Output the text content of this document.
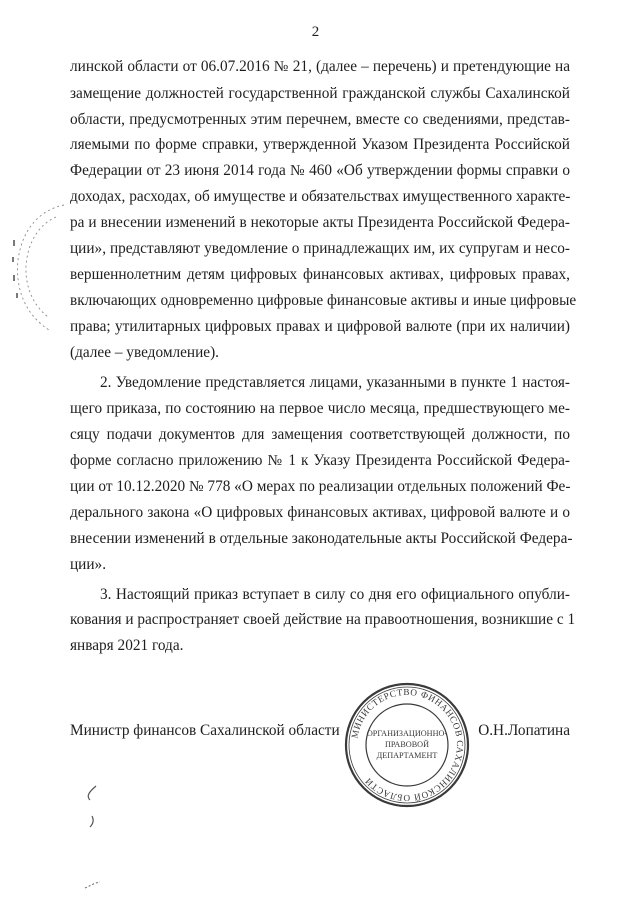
2
линской области от 06.07.2016 № 21, (далее – перечень) и претендующие на
замещение должностей государственной гражданской службы Сахалинской
области, предусмотренных этим перечнем, вместе со сведениями, представ-
ляемыми по форме справки, утвержденной Указом Президента Российской
Федерации от 23 июня 2014 года № 460 «Об утверждении формы справки о
доходах, расходах, об имуществе и обязательствах имущественного характе-
ра и внесении изменений в некоторые акты Президента Российской Федера-
ции», представляют уведомление о принадлежащих им, их супругам и несо-
вершеннолетним детям цифровых финансовых активах, цифровых правах,
включающих одновременно цифровые финансовые активы и иные цифровые
права; утилитарных цифровых правах и цифровой валюте (при их наличии)
(далее – уведомление).
2. Уведомление представляется лицами, указанными в пункте 1 настоя-
щего приказа, по состоянию на первое число месяца, предшествующего ме-
сяцу подачи документов для замещения соответствующей должности, по
форме согласно приложению № 1 к Указу Президента Российской Федера-
ции от 10.12.2020 № 778 «О мерах по реализации отдельных положений Фе-
дерального закона «О цифровых финансовых активах, цифровой валюте и о
внесении изменений в отдельные законодательные акты Российской Федера-
ции».
3. Настоящий приказ вступает в силу со дня его официального опубли-
кования и распространяет своей действие на правоотношения, возникшие с 1
января 2021 года.
Министр финансов Сахалинской области	О.Н.Лопатина
МИНИСТЕРСТВО ФИНАНСОВ САХАЛИНСКОЙ ОБЛАСТИ
ОРГАНИЗАЦИОННО-
ПРАВОВОЙ
ДЕПАРТАМЕНТ
